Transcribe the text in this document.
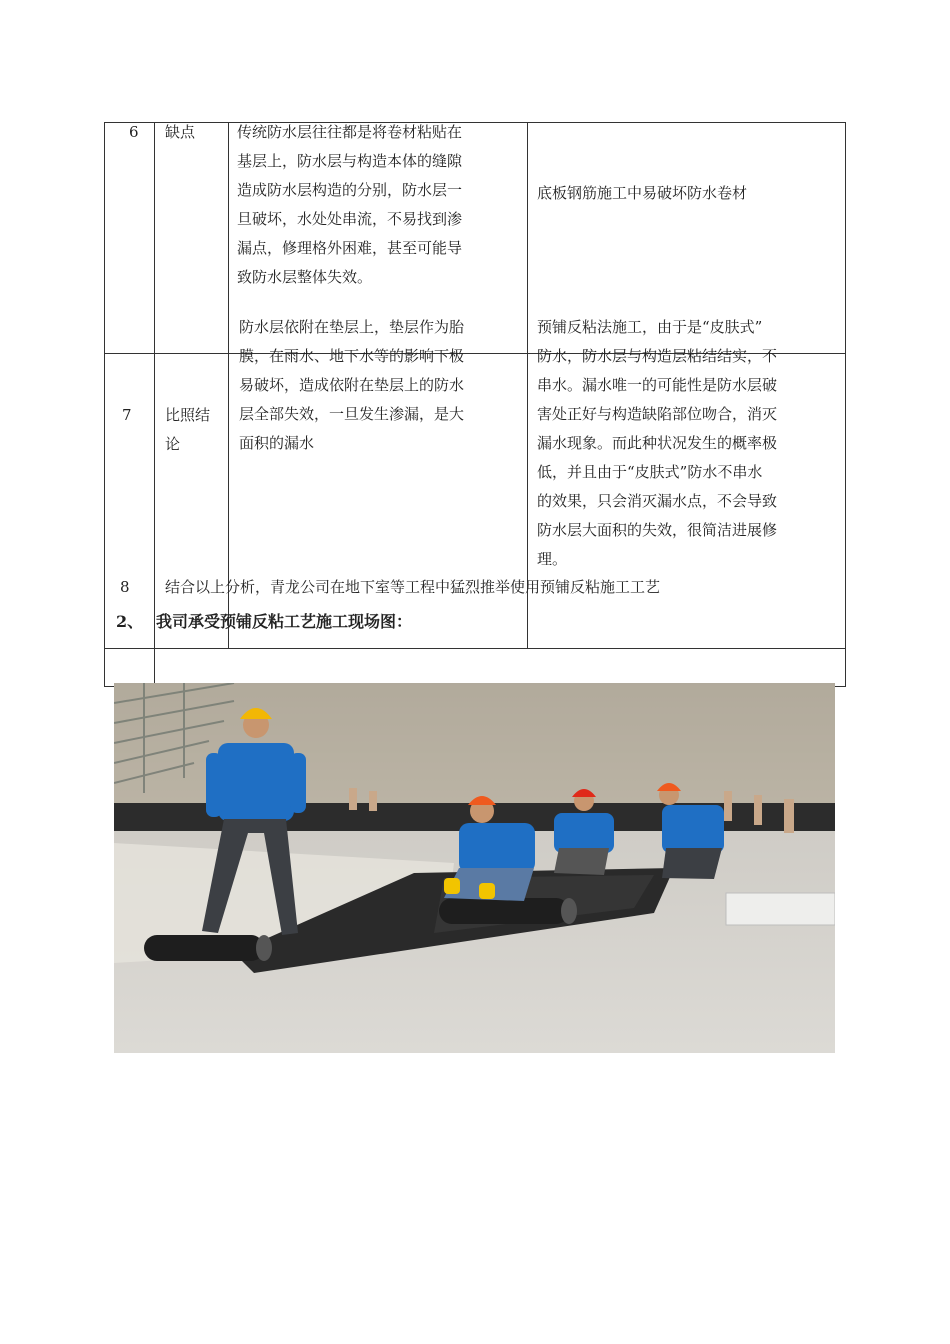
6 缺点	传统防水层往往都是将卷材粘贴在
基层上，防水层与构造本体的缝隙
造成防水层构造的分别，防水层一
旦破坏，水处处串流，不易找到渗
漏点，修理格外困难，甚至可能导
致防水层整体失效。
底板钢筋施工中易破坏防水卷材
7 比照结
论
防水层依附在垫层上，垫层作为胎
膜，在雨水、地下水等的影响下极
易破坏，造成依附在垫层上的防水
层全部失效，一旦发生渗漏，是大
面积的漏水
预铺反粘法施工，由于是“皮肤式”
防水，防水层与构造层粘结结实，不
串水。漏水唯一的可能性是防水层破
害处正好与构造缺陷部位吻合，消灭
漏水现象。而此种状况发生的概率极
低，并且由于“皮肤式”防水不串水
的效果，只会消灭漏水点，不会导致
防水层大面积的失效，很简洁进展修
理。
8 结合以上分析，青龙公司在地下室等工程中猛烈推举使用预铺反粘施工工艺
2、 我司承受预铺反粘工艺施工现场图：
